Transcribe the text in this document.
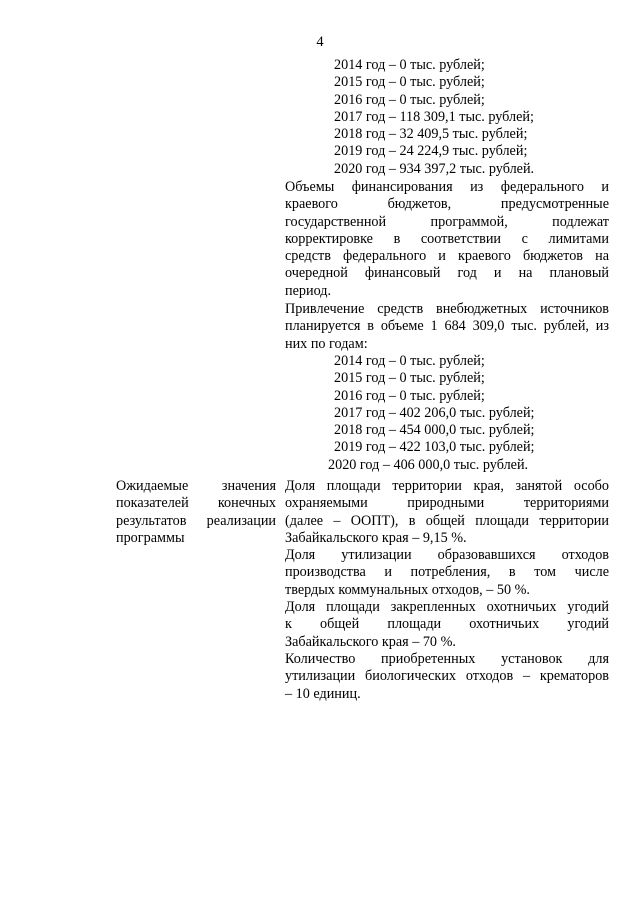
4
2014 год – 0 тыс. рублей;
2015 год – 0 тыс. рублей;
2016 год – 0 тыс. рублей;
2017 год – 118 309,1 тыс. рублей;
2018 год – 32 409,5 тыс. рублей;
2019 год – 24 224,9 тыс. рублей;
2020 год – 934 397,2 тыс. рублей.
Объемы финансирования из федерального и
краевого бюджетов, предусмотренные
государственной программой, подлежат
корректировке в соответствии с лимитами
средств федерального и краевого бюджетов на
очередной финансовый год и на плановый
период.
Привлечение средств внебюджетных источников
планируется в объеме 1 684 309,0 тыс. рублей, из
них по годам:
2014 год – 0 тыс. рублей;
2015 год – 0 тыс. рублей;
2016 год – 0 тыс. рублей;
2017 год – 402 206,0 тыс. рублей;
2018 год – 454 000,0 тыс. рублей;
2019 год – 422 103,0 тыс. рублей;
2020 год – 406 000,0 тыс. рублей.
Ожидаемые значения
показателей конечных
результатов реализации
программы
Доля площади территории края, занятой особо
охраняемыми природными территориями
(далее – ООПТ), в общей площади территории
Забайкальского края – 9,15 %.
Доля утилизации образовавшихся отходов
производства и потребления, в том числе
твердых коммунальных отходов, – 50 %.
Доля площади закрепленных охотничьих угодий
к общей площади охотничьих угодий
Забайкальского края – 70 %.
Количество приобретенных установок для
утилизации биологических отходов – крематоров
– 10 единиц.
